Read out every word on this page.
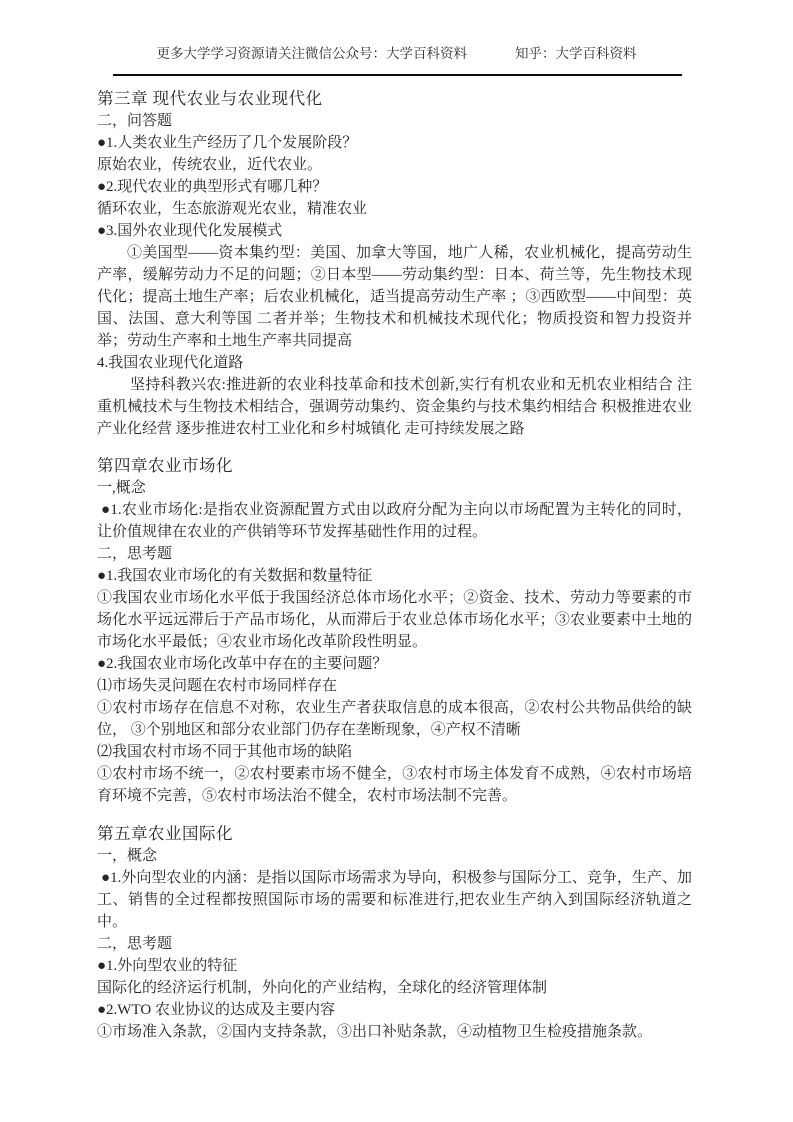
更多大学学习资源请关注微信公众号：大学百科资料	知乎：大学百科资料

第三章 现代农业与农业现代化

二，问答题

●1.人类农业生产经历了几个发展阶段？

原始农业，传统农业，近代农业。

●2.现代农业的典型形式有哪几种？

循环农业，生态旅游观光农业，精准农业

●3.国外农业现代化发展模式

①美国型——资本集约型：美国、加拿大等国，地广人稀，农业机械化，提高劳动生产率，缓解劳动力不足的问题；②日本型——劳动集约型：日本、荷兰等，先生物技术现代化；提高土地生产率；后农业机械化，适当提高劳动生产率 ；③西欧型——中间型：英国、法国、意大利等国 二者并举；生物技术和机械技术现代化；物质投资和智力投资并举；劳动生产率和土地生产率共同提高

4.我国农业现代化道路

坚持科教兴农:推进新的农业科技革命和技术创新,实行有机农业和无机农业相结合 注重机械技术与生物技术相结合，强调劳动集约、资金集约与技术集约相结合 积极推进农业产业化经营 逐步推进农村工业化和乡村城镇化 走可持续发展之路

第四章农业市场化

一,概念

●1.农业市场化:是指农业资源配置方式由以政府分配为主向以市场配置为主转化的同时，让价值规律在农业的产供销等环节发挥基础性作用的过程。

二，思考题

●1.我国农业市场化的有关数据和数量特征

①我国农业市场化水平低于我国经济总体市场化水平；②资金、技术、劳动力等要素的市场化水平远远滞后于产品市场化，从而滞后于农业总体市场化水平；③农业要素中土地的市场化水平最低；④农业市场化改革阶段性明显。

●2.我国农业市场化改革中存在的主要问题？

⑴市场失灵问题在农村市场同样存在

①农村市场存在信息不对称，农业生产者获取信息的成本很高，②农村公共物品供给的缺位， ③个别地区和部分农业部门仍存在垄断现象，④产权不清晰

⑵我国农村市场不同于其他市场的缺陷

①农村市场不统一，②农村要素市场不健全，③农村市场主体发育不成熟，④农村市场培育环境不完善，⑤农村市场法治不健全，农村市场法制不完善。

第五章农业国际化

一，概念

●1.外向型农业的内涵：是指以国际市场需求为导向，积极参与国际分工、竞争，生产、加工、销售的全过程都按照国际市场的需要和标准进行,把农业生产纳入到国际经济轨道之中。

二，思考题

●1.外向型农业的特征

国际化的经济运行机制，外向化的产业结构，全球化的经济管理体制

●2.WTO 农业协议的达成及主要内容

①市场准入条款，②国内支持条款，③出口补贴条款，④动植物卫生检疫措施条款。
